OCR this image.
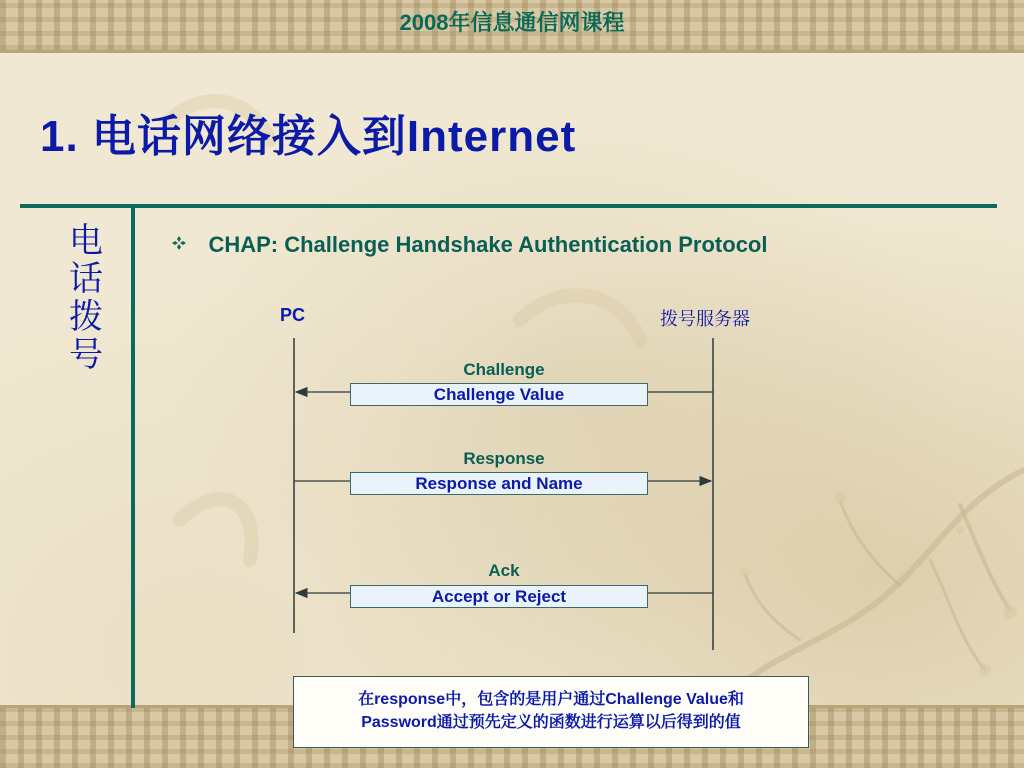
2008年信息通信网课程
1. 电话网络接入到Internet
电
话
拨
号
CHAP: Challenge Handshake Authentication Protocol
PC	拨号服务器
Challenge
Challenge Value
Response
Response and Name
Ack
Accept or Reject
在response中，包含的是用户通过Challenge Value和
Password通过预先定义的函数进行运算以后得到的值
